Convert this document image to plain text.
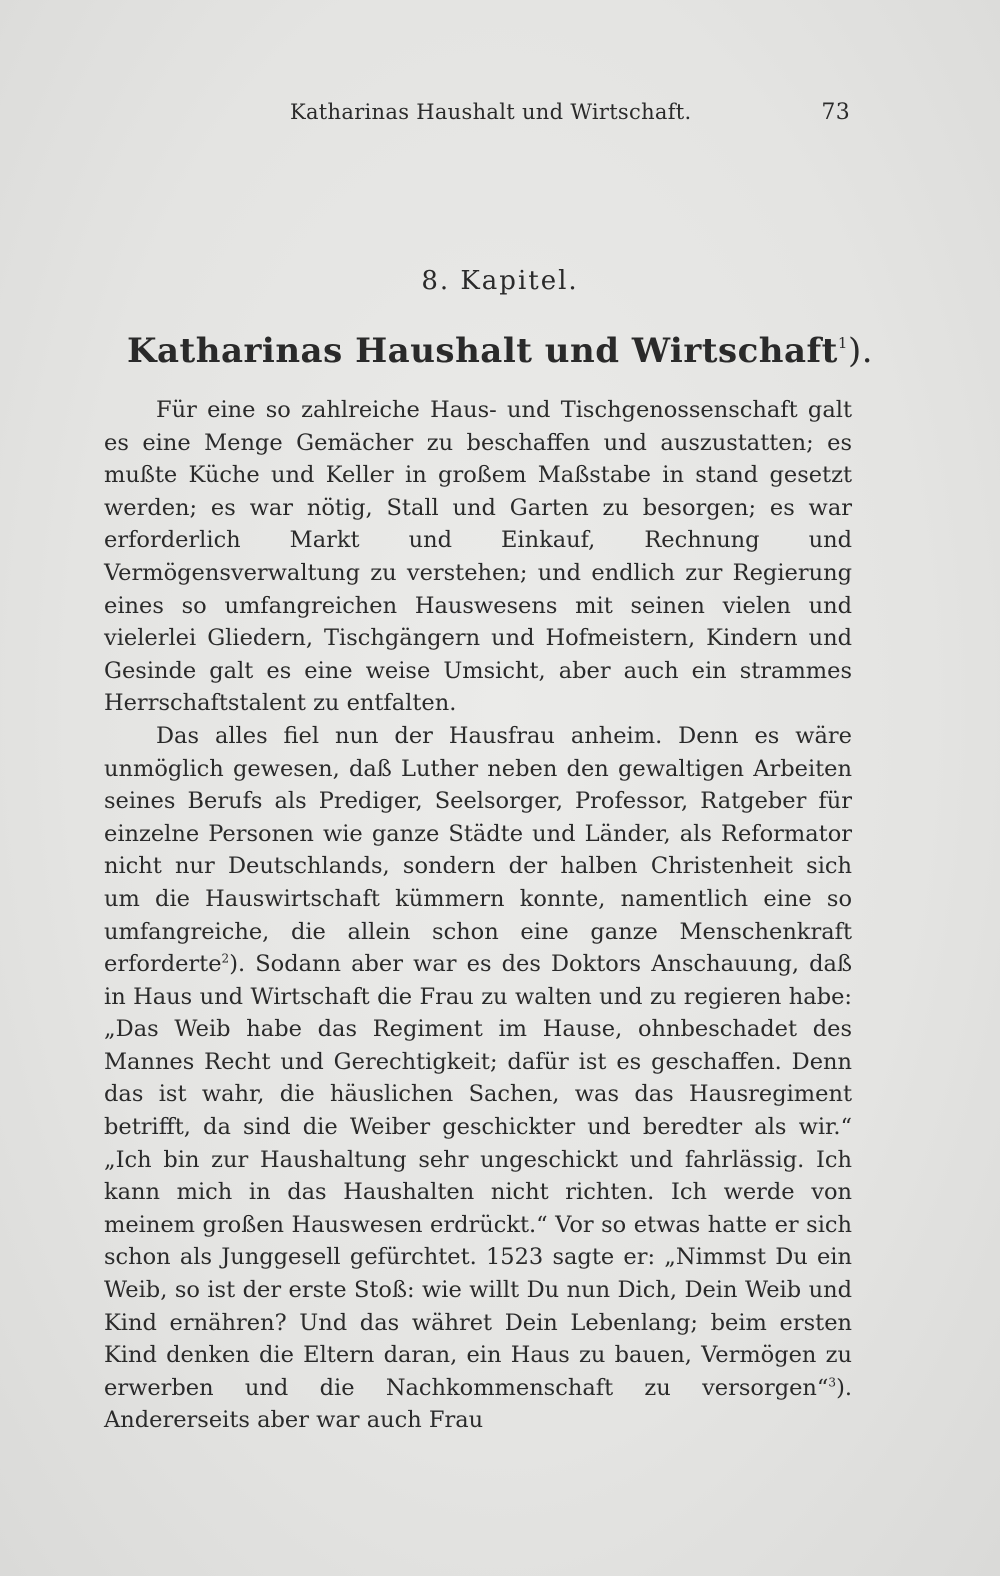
Katharinas Haushalt und Wirtschaft.	73
8. Kapitel.
Katharinas Haushalt und Wirtschaft$^1$).

Für eine so zahlreiche Haus- und Tischgenossenschaft galt es eine Menge Gemächer zu beschaffen und auszustatten; es mußte Küche und Keller in großem Maßstabe in stand gesetzt werden; es war nötig, Stall und Garten zu besorgen; es war erforderlich Markt und Einkauf, Rechnung und Vermögensverwaltung zu verstehen; und endlich zur Regierung eines so umfangreichen Hauswesens mit seinen vielen und vielerlei Gliedern, Tischgängern und Hofmeistern, Kindern und Gesinde galt es eine weise Umsicht, aber auch ein strammes Herrschaftstalent zu entfalten.

Das alles fiel nun der Hausfrau anheim. Denn es wäre unmöglich gewesen, daß Luther neben den gewaltigen Arbeiten seines Berufs als Prediger, Seelsorger, Professor, Ratgeber für einzelne Personen wie ganze Städte und Länder, als Reformator nicht nur Deutschlands, sondern der halben Christenheit sich um die Hauswirtschaft kümmern konnte, namentlich eine so umfangreiche, die allein schon eine ganze Menschenkraft erforderte$^2$). Sodann aber war es des Doktors Anschauung, daß in Haus und Wirtschaft die Frau zu walten und zu regieren habe: „Das Weib habe das Regiment im Hause, ohnbeschadet des Mannes Recht und Gerechtigkeit; dafür ist es geschaffen. Denn das ist wahr, die häuslichen Sachen, was das Hausregiment betrifft, da sind die Weiber geschickter und beredter als wir.“ „Ich bin zur Haushaltung sehr ungeschickt und fahrlässig. Ich kann mich in das Haushalten nicht richten. Ich werde von meinem großen Hauswesen erdrückt.“ Vor so etwas hatte er sich schon als Junggesell gefürchtet. 1523 sagte er: „Nimmst Du ein Weib, so ist der erste Stoß: wie willt Du nun Dich, Dein Weib und Kind ernähren? Und das währet Dein Lebenlang; beim ersten Kind denken die Eltern daran, ein Haus zu bauen, Vermögen zu erwerben und die Nachkommenschaft zu versorgen“$^3$). Andererseits aber war auch Frau
